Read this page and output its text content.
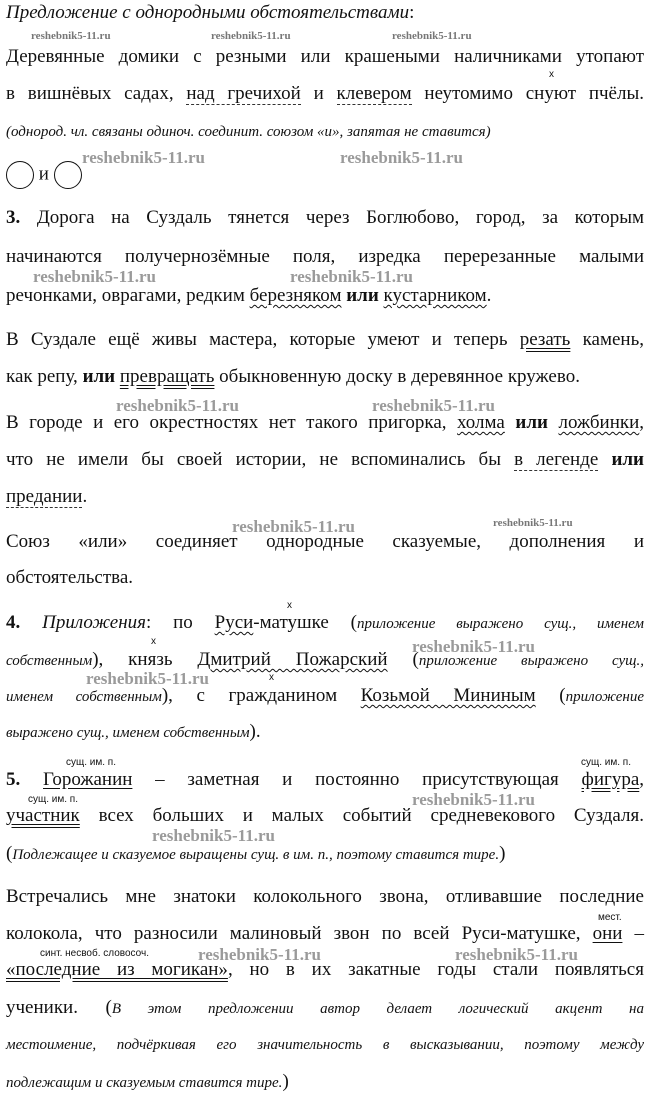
Предложение с однородными обстоятельствами:
reshebnik5-11.ru	reshebnik5-11.ru	reshebnik5-11.ru
Деревянные домики с резными или крашеными наличниками утопают
x
в вишнёвых садах, над гречихой и клевером неутомимо снуют пчёлы.
(однород. чл. связаны одиноч. соединит. союзом «и», запятая не ставится)
и
reshebnik5-11.ru	reshebnik5-11.ru
3. Дорога на Суздаль тянется через Боглюбово, город, за которым
начинаются получернозёмные поля, изредка перерезанные малыми
reshebnik5-11.ru	reshebnik5-11.ru
речонками, оврагами, редким березняком или кустарником.
В Суздале ещё живы мастера, которые умеют и теперь резать камень,
как репу, или превращать обыкновенную доску в деревянное кружево.
reshebnik5-11.ru	reshebnik5-11.ru
В городе и его окрестностях нет такого пригорка, холма или ложбинки,
что не имели бы своей истории, не вспоминались бы в легенде или
предании.
reshebnik5-11.ru	reshebnik5-11.ru
Союз «или» соединяет однородные сказуемые, дополнения и
обстоятельства.
x
4. Приложения: по Руси-матушке (приложение выражено сущ., именем
x	reshebnik5-11.ru
собственным), князь Дмитрий Пожарский (приложение выражено сущ.,
reshebnik5-11.ru	x
именем собственным), с гражданином Козьмой Мининым (приложение
выражено сущ., именем собственным).
сущ. им. п.	сущ. им. п.
5. Горожанин – заметная и постоянно присутствующая фигура,
сущ. им. п.	reshebnik5-11.ru
участник всех больших и малых событий средневекового Суздаля.
reshebnik5-11.ru
(Подлежащее и сказуемое выращены сущ. в им. п., поэтому ставится тире.)
Встречались мне знатоки колокольного звона, отливавшие последние
мест.
колокола, что разносили малиновый звон по всей Руси-матушке, они –
синт. несвоб. словосоч.	reshebnik5-11.ru	reshebnik5-11.ru
«последние из могикан», но в их закатные годы стали появляться
ученики. (В этом предложении автор делает логический акцент на
местоимение, подчёркивая его значительность в высказывании, поэтому между
подлежащим и сказуемым ставится тире.)
